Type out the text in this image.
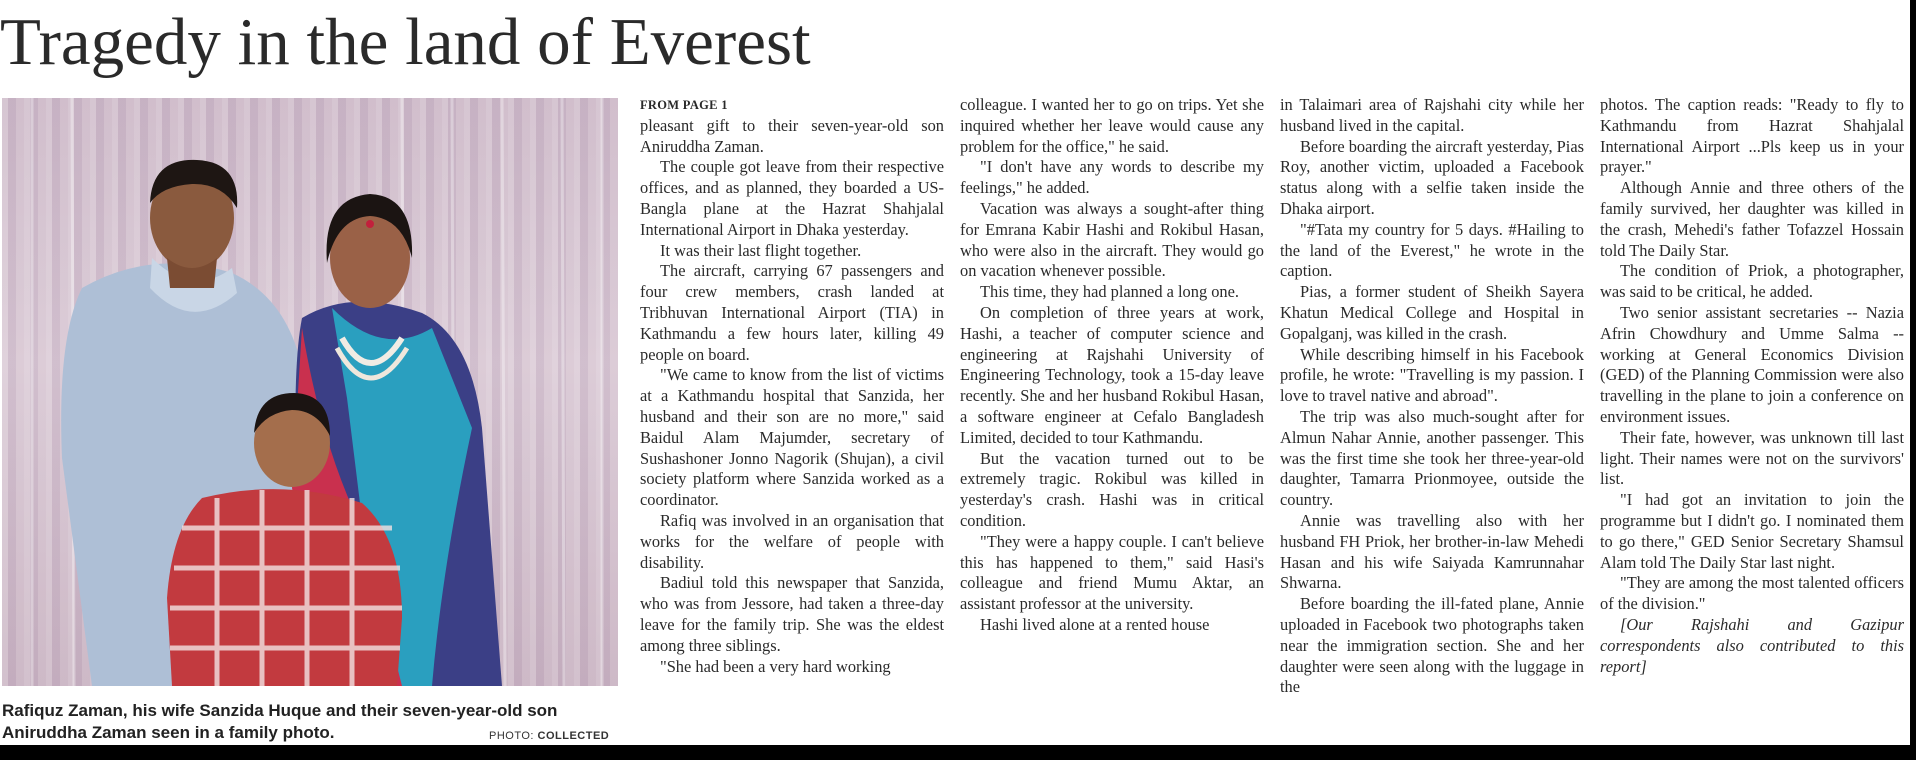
Tragedy in the land of Everest
Rafiquz Zaman, his wife Sanzida Huque and their seven-year-old son
Aniruddha Zaman seen in a family photo.	PHOTO: COLLECTED
FROM PAGE 1

pleasant gift to their seven-year-old son Aniruddha Zaman.

The couple got leave from their respective offices, and as planned, they boarded a US-Bangla plane at the Hazrat Shahjalal International Airport in Dhaka yesterday.

It was their last flight together.

The aircraft, carrying 67 passengers and four crew members, crash landed at Tribhuvan International Airport (TIA) in Kathmandu a few hours later, killing 49 people on board.

"We came to know from the list of victims at a Kathmandu hospital that Sanzida, her husband and their son are no more," said Baidul Alam Majumder, secretary of Sushashoner Jonno Nagorik (Shujan), a civil society platform where Sanzida worked as a coordinator.

Rafiq was involved in an organisation that works for the welfare of people with disability.

Badiul told this newspaper that Sanzida, who was from Jessore, had taken a three-day leave for the family trip. She was the eldest among three siblings.

"She had been a very hard working

colleague. I wanted her to go on trips. Yet she inquired whether her leave would cause any problem for the office," he said.

"I don't have any words to describe my feelings," he added.

Vacation was always a sought-after thing for Emrana Kabir Hashi and Rokibul Hasan, who were also in the aircraft. They would go on vacation whenever possible.

This time, they had planned a long one.

On completion of three years at work, Hashi, a teacher of computer science and engineering at Rajshahi University of Engineering Technology, took a 15-day leave recently. She and her husband Rokibul Hasan, a software engineer at Cefalo Bangladesh Limited, decided to tour Kathmandu.

But the vacation turned out to be extremely tragic. Rokibul was killed in yesterday's crash. Hashi was in critical condition.

"They were a happy couple. I can't believe this has happened to them," said Hasi's colleague and friend Mumu Aktar, an assistant professor at the university.

Hashi lived alone at a rented house

in Talaimari area of Rajshahi city while her husband lived in the capital.

Before boarding the aircraft yesterday, Pias Roy, another victim, uploaded a Facebook status along with a selfie taken inside the Dhaka airport.

"#Tata my country for 5 days. #Hailing to the land of the Everest," he wrote in the caption.

Pias, a former student of Sheikh Sayera Khatun Medical College and Hospital in Gopalganj, was killed in the crash.

While describing himself in his Facebook profile, he wrote: "Travelling is my passion. I love to travel native and abroad".

The trip was also much-sought after for Almun Nahar Annie, another passenger. This was the first time she took her three-year-old daughter, Tamarra Prionmoyee, outside the country.

Annie was travelling also with her husband FH Priok, her brother-in-law Mehedi Hasan and his wife Saiyada Kamrunnahar Shwarna.

Before boarding the ill-fated plane, Annie uploaded in Facebook two photographs taken near the immigration section. She and her daughter were seen along with the luggage in the

photos. The caption reads: "Ready to fly to Kathmandu from Hazrat Shahjalal International Airport ...Pls keep us in your prayer."

Although Annie and three others of the family survived, her daughter was killed in the crash, Mehedi's father Tofazzel Hossain told The Daily Star.

The condition of Priok, a photographer, was said to be critical, he added.

Two senior assistant secretaries -- Nazia Afrin Chowdhury and Umme Salma --working at General Economics Division (GED) of the Planning Commission were also travelling in the plane to join a conference on environment issues.

Their fate, however, was unknown till last light. Their names were not on the survivors' list.

"I had got an invitation to join the programme but I didn't go. I nominated them to go there," GED Senior Secretary Shamsul Alam told The Daily Star last night.

"They are among the most talented officers of the division."

[Our Rajshahi and Gazipur correspondents also contributed to this report]
